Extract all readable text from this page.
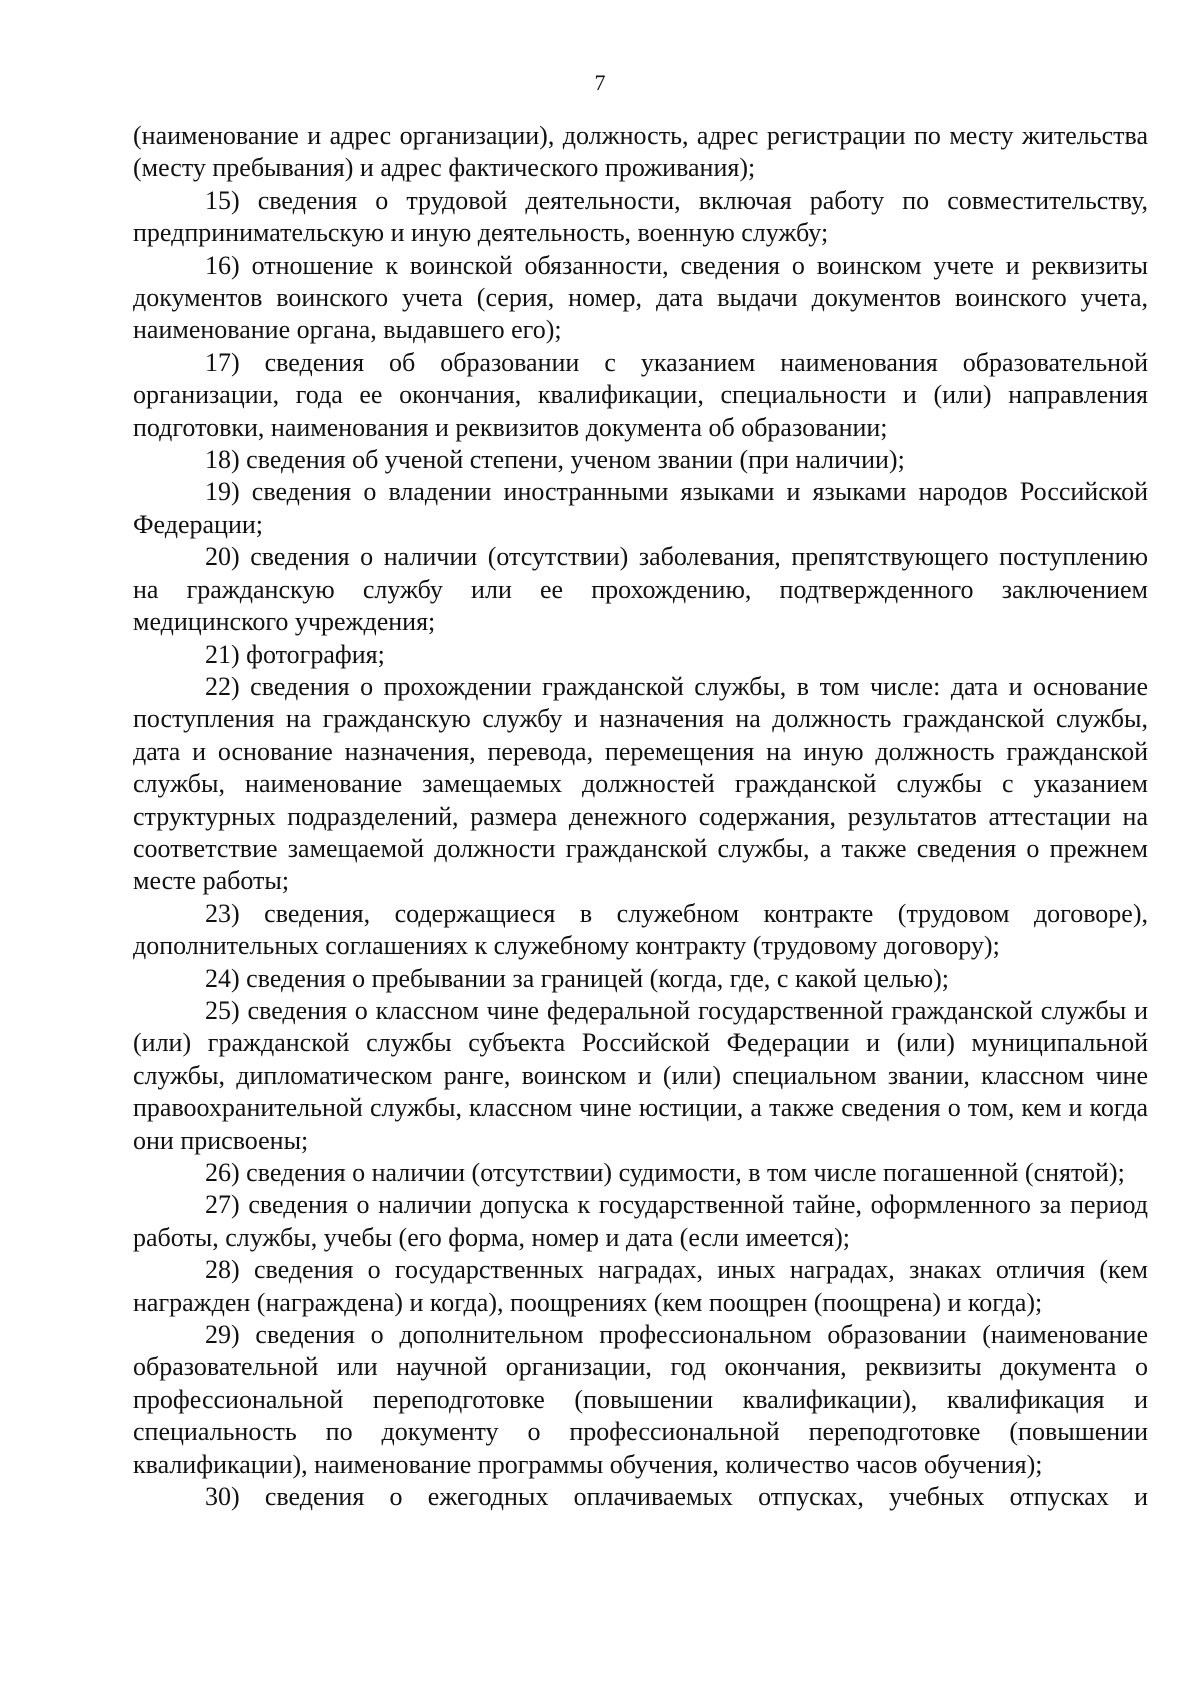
7

(наименование и адрес организации), должность, адрес регистрации по месту жительства (месту пребывания) и адрес фактического проживания);

15) сведения о трудовой деятельности, включая работу по совместительству, предпринимательскую и иную деятельность, военную службу;

16) отношение к воинской обязанности, сведения о воинском учете и реквизиты документов воинского учета (серия, номер, дата выдачи документов воинского учета, наименование органа, выдавшего его);

17) сведения об образовании с указанием наименования образовательной организации, года ее окончания, квалификации, специальности и (или) направления подготовки, наименования и реквизитов документа об образовании;

18) сведения об ученой степени, ученом звании (при наличии);

19) сведения о владении иностранными языками и языками народов Российской Федерации;

20) сведения о наличии (отсутствии) заболевания, препятствующего поступлению на гражданскую службу или ее прохождению, подтвержденного заключением медицинского учреждения;

21) фотография;

22) сведения о прохождении гражданской службы, в том числе: дата и основание поступления на гражданскую службу и назначения на должность гражданской службы, дата и основание назначения, перевода, перемещения на иную должность гражданской службы, наименование замещаемых должностей гражданской службы с указанием структурных подразделений, размера денежного содержания, результатов аттестации на соответствие замещаемой должности гражданской службы, а также сведения о прежнем месте работы;

23) сведения, содержащиеся в служебном контракте (трудовом договоре), дополнительных соглашениях к служебному контракту (трудовому договору);

24) сведения о пребывании за границей (когда, где, с какой целью);

25) сведения о классном чине федеральной государственной гражданской службы и (или) гражданской службы субъекта Российской Федерации и (или) муниципальной службы, дипломатическом ранге, воинском и (или) специальном звании, классном чине правоохранительной службы, классном чине юстиции, а также сведения о том, кем и когда они присвоены;

26) сведения о наличии (отсутствии) судимости, в том числе погашенной (снятой);

27) сведения о наличии допуска к государственной тайне, оформленного за период работы, службы, учебы (его форма, номер и дата (если имеется);

28) сведения о государственных наградах, иных наградах, знаках отличия (кем награжден (награждена) и когда), поощрениях (кем поощрен (поощрена) и когда);

29) сведения о дополнительном профессиональном образовании (наименование образовательной или научной организации, год окончания, реквизиты документа о профессиональной переподготовке (повышении квалификации), квалификация и специальность по документу о профессиональной переподготовке (повышении квалификации), наименование программы обучения, количество часов обучения);

30) сведения о ежегодных оплачиваемых отпусках, учебных отпусках и
